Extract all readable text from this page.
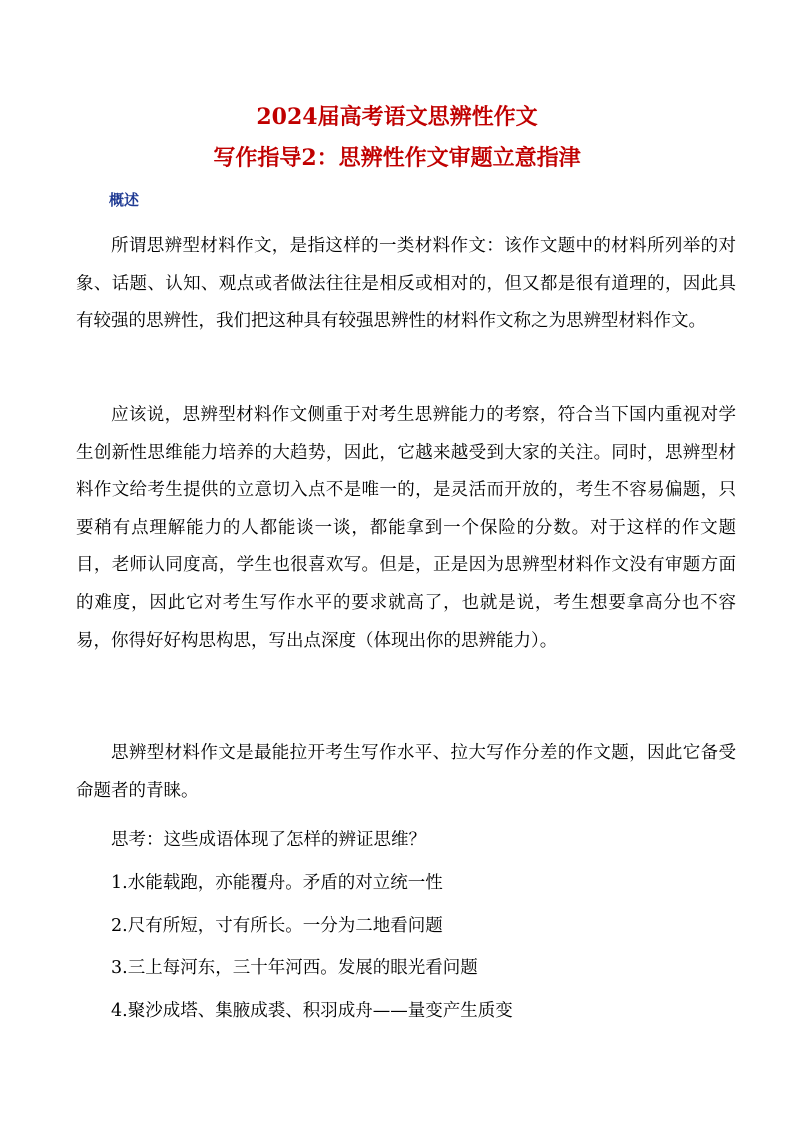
2024届高考语文思辨性作文
写作指导2：思辨性作文审题立意指津
概述

所谓思辨型材料作文，是指这样的一类材料作文：该作文题中的材料所列举的对象、话题、认知、观点或者做法往往是相反或相对的，但又都是很有道理的，因此具有较强的思辨性，我们把这种具有较强思辨性的材料作文称之为思辨型材料作文。

应该说，思辨型材料作文侧重于对考生思辨能力的考察，符合当下国内重视对学生创新性思维能力培养的大趋势，因此，它越来越受到大家的关注。同时，思辨型材料作文给考生提供的立意切入点不是唯一的，是灵活而开放的，考生不容易偏题，只要稍有点理解能力的人都能谈一谈，都能拿到一个保险的分数。对于这样的作文题目，老师认同度高，学生也很喜欢写。但是，正是因为思辨型材料作文没有审题方面的难度，因此它对考生写作水平的要求就高了，也就是说，考生想要拿高分也不容易，你得好好构思构思，写出点深度（体现出你的思辨能力）。

思辨型材料作文是最能拉开考生写作水平、拉大写作分差的作文题，因此它备受命题者的青睐。

思考：这些成语体现了怎样的辨证思维？

1.水能载跑，亦能覆舟。矛盾的对立统一性
2.尺有所短，寸有所长。一分为二地看问题
3.三上每河东，三十年河西。发展的眼光看问题
4.聚沙成塔、集腋成裘、积羽成舟——量变产生质变
